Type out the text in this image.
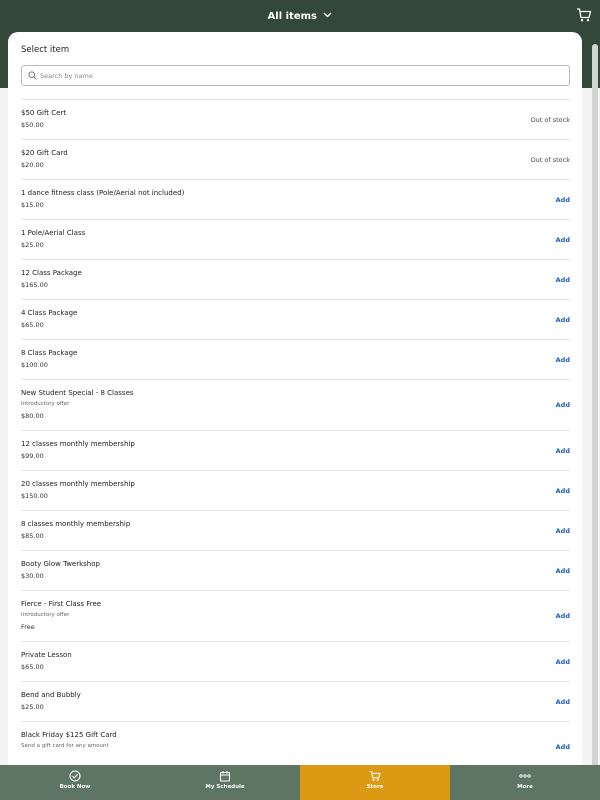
All items
Select item
Search by name
$50 Gift Cert
$50.00
Out of stock
$20 Gift Card
$20.00
Out of stock
1 dance fitness class (Pole/Aerial not included)
$15.00
Add
1 Pole/Aerial Class
$25.00
Add
12 Class Package
$165.00
Add
4 Class Package
$65.00
Add
8 Class Package
$100.00
Add
New Student Special - 8 Classes
Introductory offer
$80.00
Add
12 classes monthly membership
$99.00
Add
20 classes monthly membership
$150.00
Add
8 classes monthly membership
$85.00
Add
Booty Glow Twerkshop
$30.00
Add
Fierce - First Class Free
Introductory offer
Free
Add
Private Lesson
$65.00
Add
Bend and Bubbly
$25.00
Add
Black Friday $125 Gift Card
Send a gift card for any amount	Add
Book Now	My Schedule	Store	More
